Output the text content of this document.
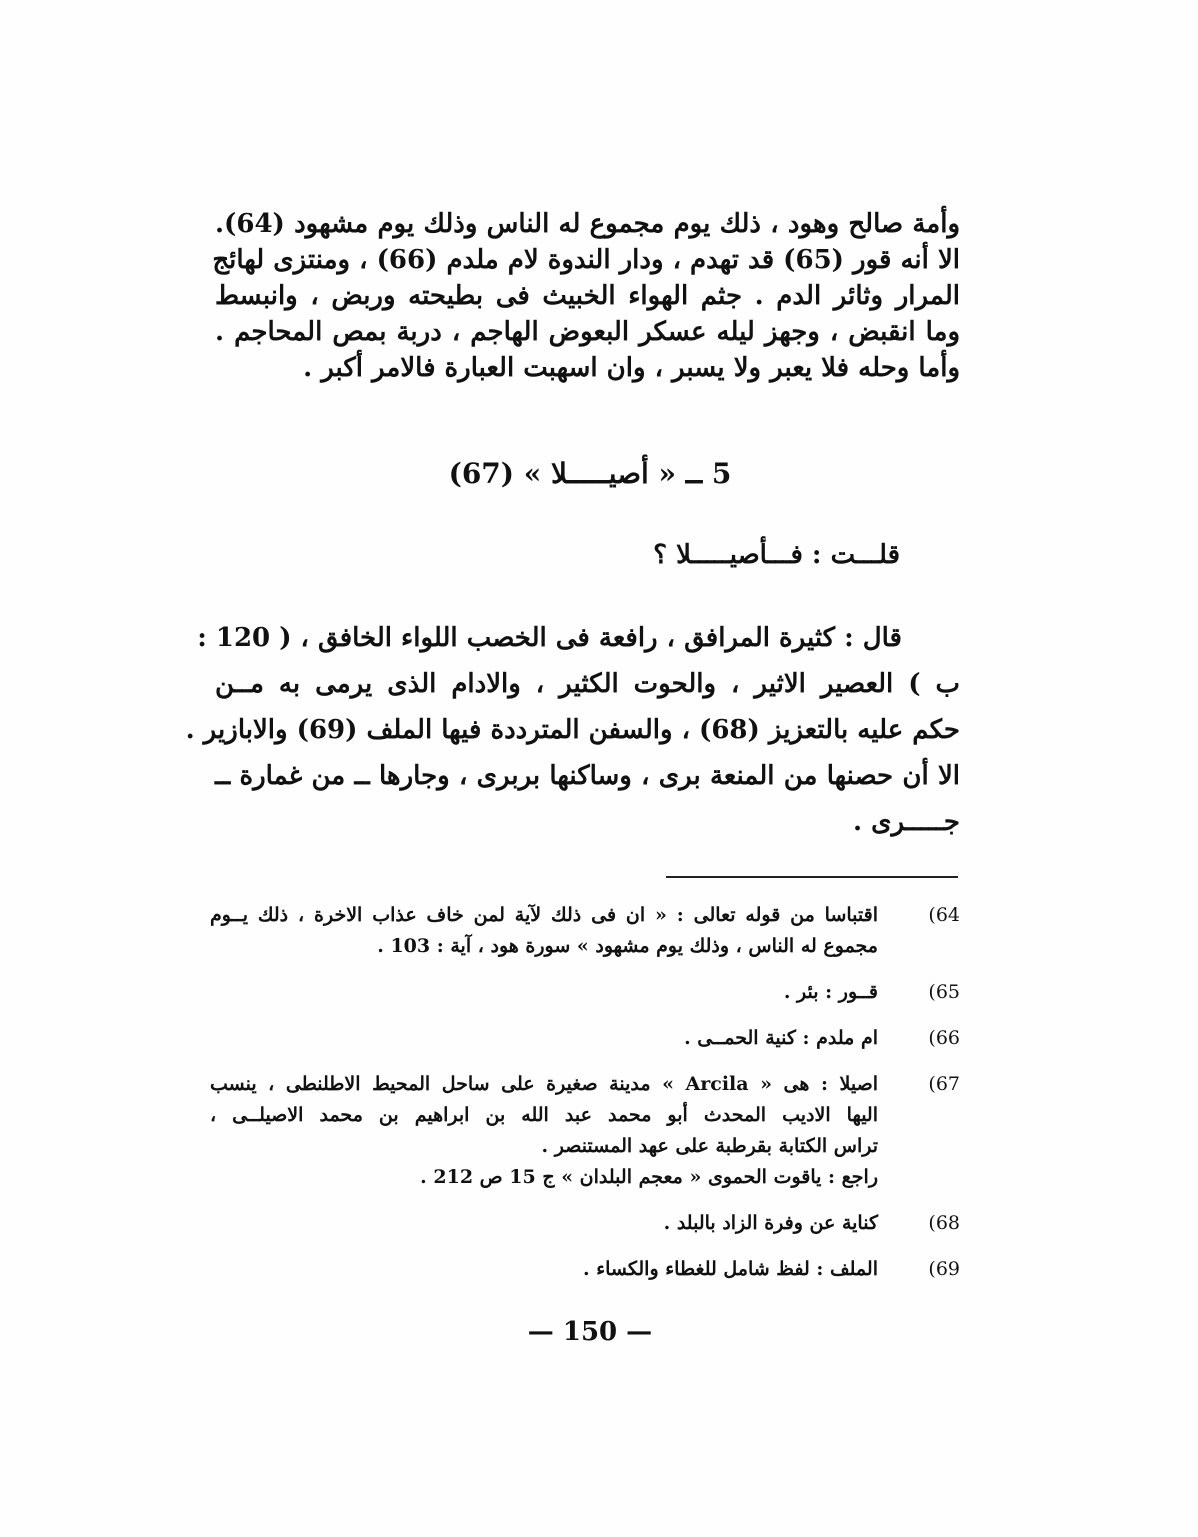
وأمة صالح وهود ، ذلك يوم مجموع له الناس وذلك يوم مشهود (64).
الا أنه قور (65) قد تهدم ، ودار الندوة لام ملدم (66) ، ومنتزى لهائج
المرار وثائر الدم . جثم الهواء الخبيث فى بطيحته وربض ، وانبسط
وما انقبض ، وجهز ليله عسكر البعوض الهاجم ، دربة بمص المحاجم .
وأما وحله فلا يعبر ولا يسبر ، وان اسهبت العبارة فالامر أكبر .
5 ــ « أصيـــــلا » (67)
قلـــت : فـــأصيـــــلا ؟
قال : كثيرة المرافق ، رافعة فى الخصب اللواء الخافق ، ( 120 :
ب ) العصير الاثير ، والحوت الكثير ، والادام الذى يرمى به مــن
حكم عليه بالتعزيز (68) ، والسفن المترددة فيها الملف (69) والابازير .
الا أن حصنها من المنعة برى ، وساكنها بربرى ، وجارها ــ من غمارة ــ
جـــــرى .
(64
اقتباسا من قوله تعالى : « ان فى ذلك لآية لمن خاف عذاب الاخرة ، ذلك يــوم
مجموع له الناس ، وذلك يوم مشهود » سورة هود ، آية : 103 .
(65
قــور : بئر .
(66
ام ملدم : كنية الحمــى .
(67
اصيلا : هى « Arcila » مدينة صغيرة على ساحل المحيط الاطلنطى ، ينسب
اليها الاديب المحدث أبو محمد عبد الله بن ابراهيم بن محمد الاصيلــى ،
تراس الكتابة بقرطبة على عهد المستنصر .
راجع : ياقوت الحموى « معجم البلدان » ج 15 ص 212 .
(68
كناية عن وفرة الزاد بالبلد .
(69
الملف : لفظ شامل للغطاء والكساء .
— 150 —
